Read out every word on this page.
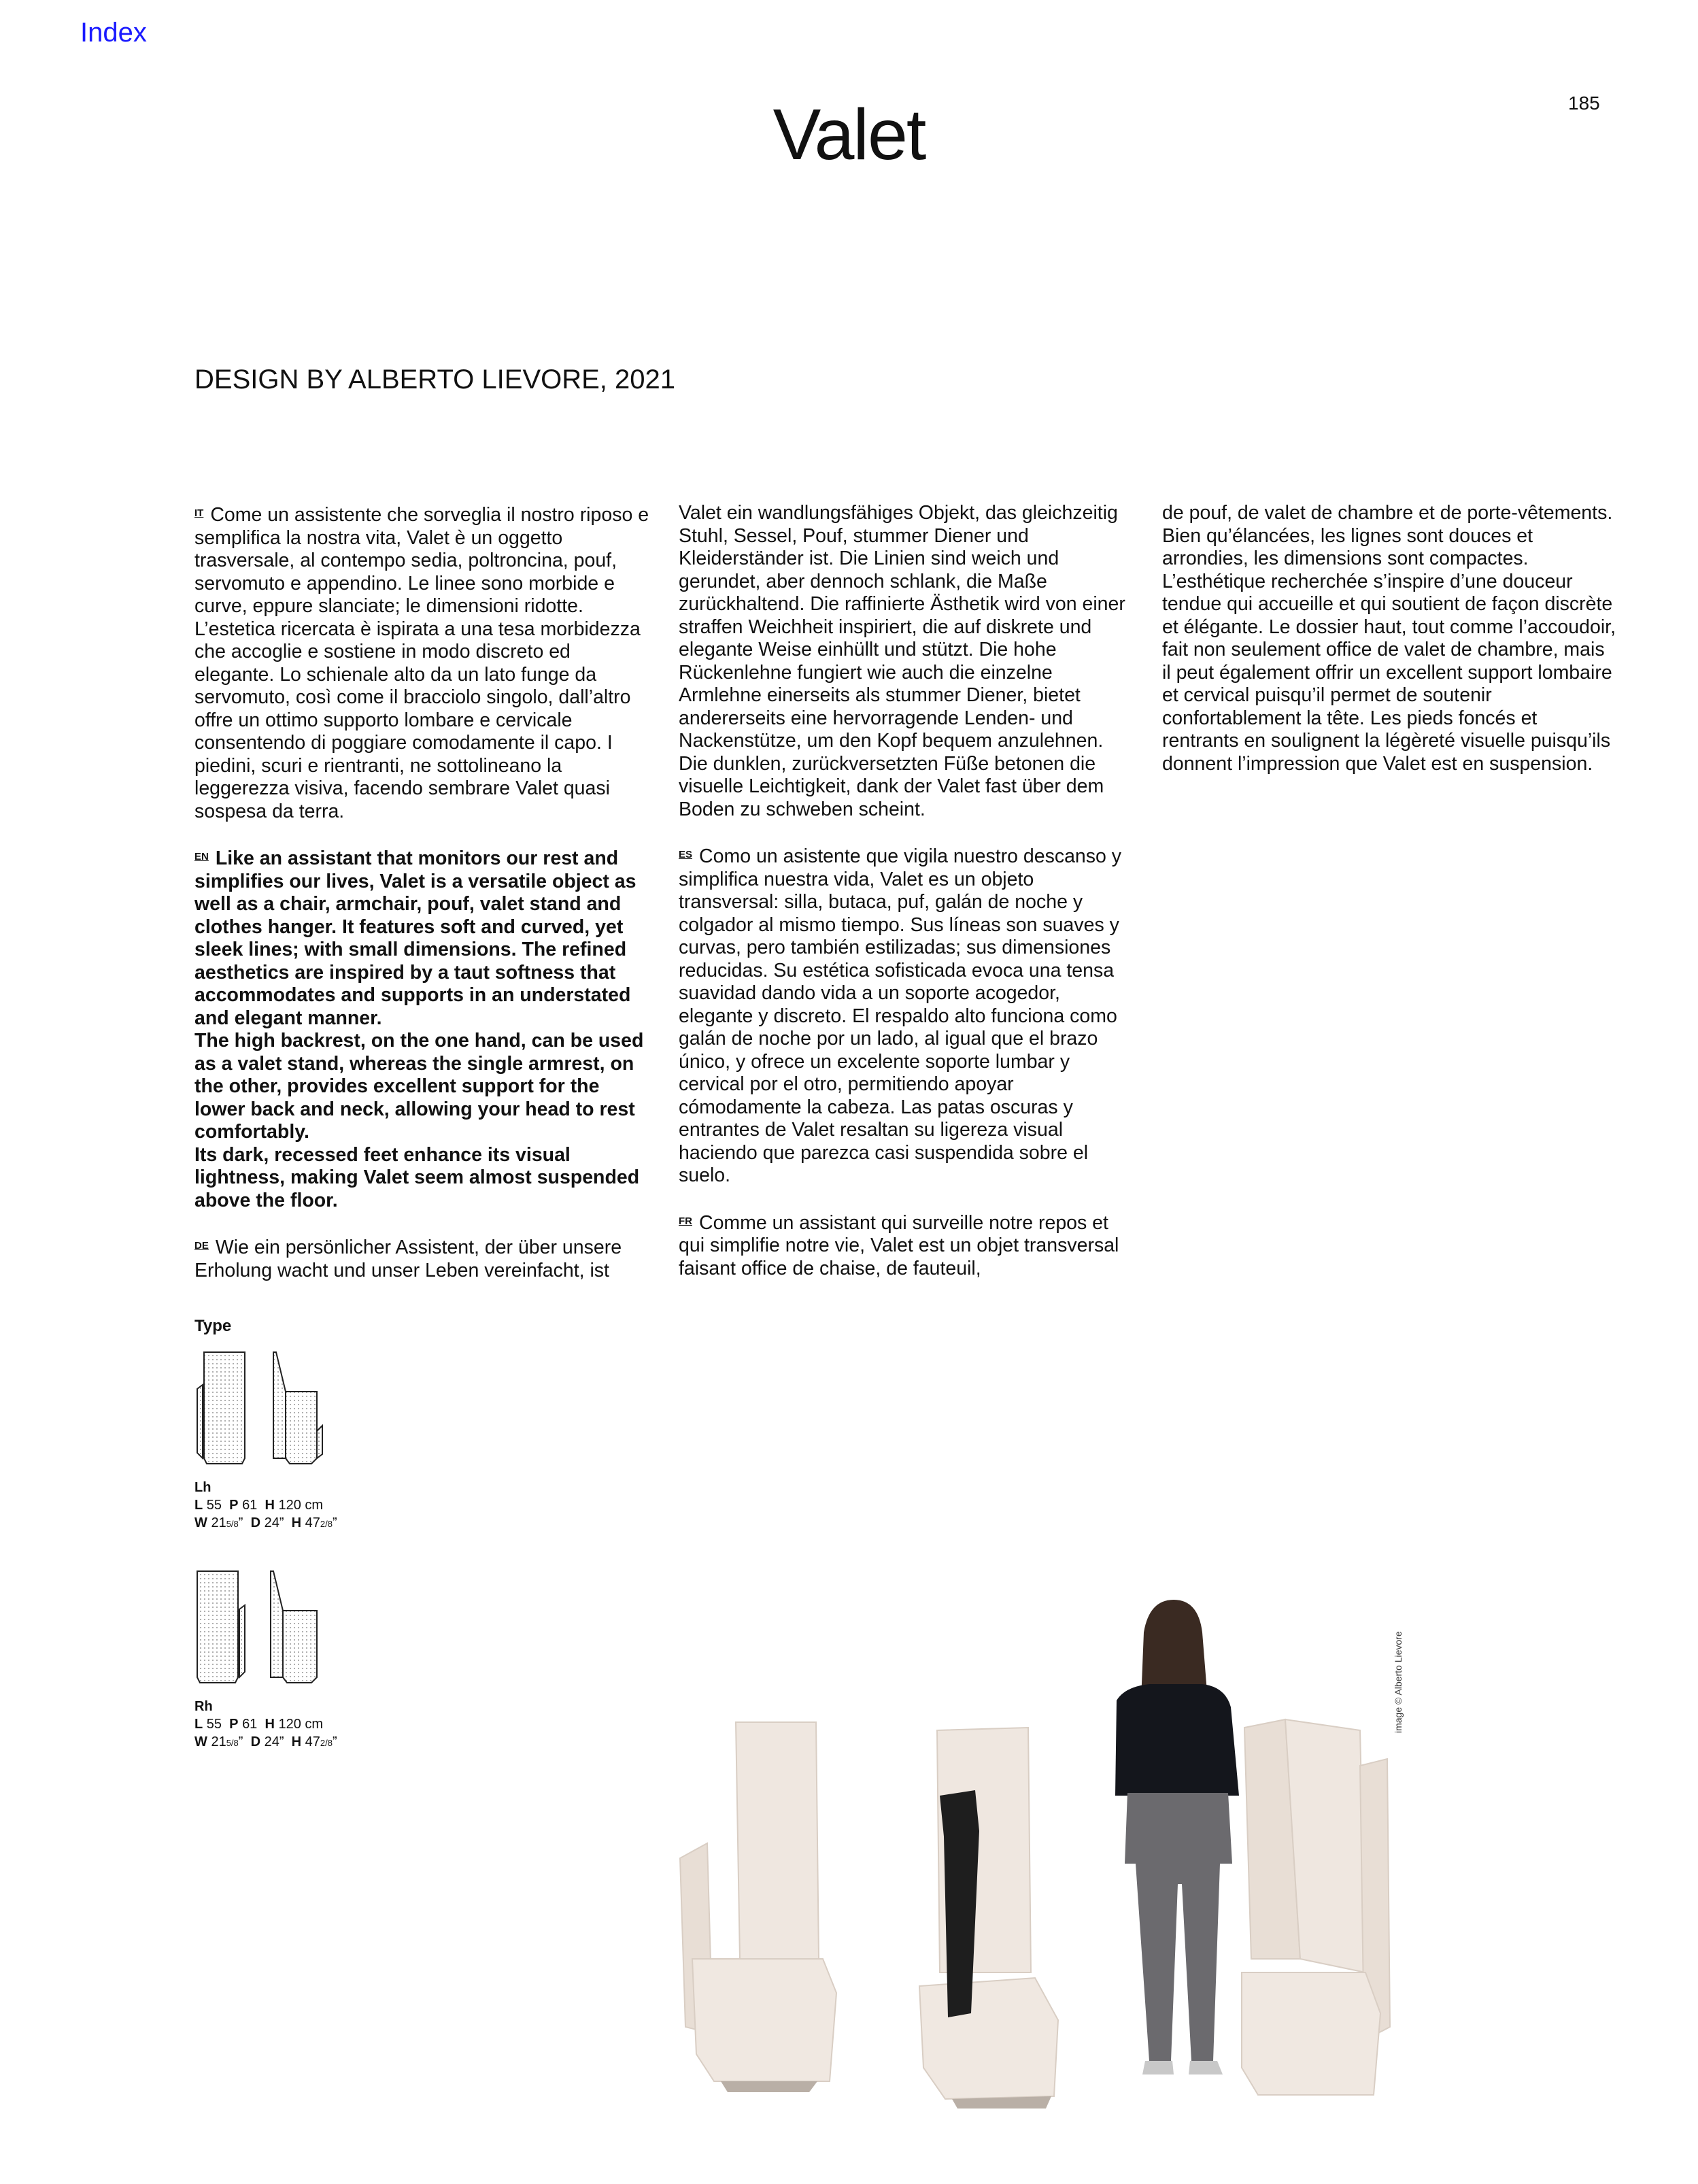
Index
185
Valet
DESIGN BY ALBERTO LIEVORE, 2021

$^{IT}$ Come un assistente che sorveglia il nostro riposo e semplifica la nostra vita, Valet è un oggetto trasversale, al contempo sedia, poltroncina, pouf, servomuto e appendino. Le linee sono morbide e curve, eppure slanciate; le dimensioni ridotte. L’estetica ricercata è ispirata a una tesa morbidezza che accoglie e sostiene in modo discreto ed elegante. Lo schienale alto da un lato funge da servomuto, così come il bracciolo singolo, dall’altro offre un ottimo supporto lombare e cervicale consentendo di poggiare comodamente il capo. I piedini, scuri e rientranti, ne sottolineano la leggerezza visiva, facendo sembrare Valet quasi sospesa da terra.

$^{EN}$ Like an assistant that monitors our rest and simplifies our lives, Valet is a versatile object as well as a chair, armchair, pouf, valet stand and clothes hanger. It features soft and curved, yet sleek lines; with small dimensions. The refined aesthetics are inspired by a taut softness that accommodates and supports in an understated and elegant manner.
The high backrest, on the one hand, can be used as a valet stand, whereas the single armrest, on the other, provides excellent support for the lower back and neck, allowing your head to rest comfortably.
Its dark, recessed feet enhance its visual lightness, making Valet seem almost suspended above the floor.

$^{DE}$ Wie ein persönlicher Assistent, der über unsere Erholung wacht und unser Leben vereinfacht, ist

Valet ein wandlungsfähiges Objekt, das gleichzeitig Stuhl, Sessel, Pouf, stummer Diener und Kleiderständer ist. Die Linien sind weich und gerundet, aber dennoch schlank, die Maße zurückhaltend. Die raffinierte Ästhetik wird von einer straffen Weichheit inspiriert, die auf diskrete und elegante Weise einhüllt und stützt. Die hohe Rückenlehne fungiert wie auch die einzelne Armlehne einerseits als stummer Diener, bietet andererseits eine hervorragende Lenden- und Nackenstütze, um den Kopf bequem anzulehnen. Die dunklen, zurückversetzten Füße betonen die visuelle Leichtigkeit, dank der Valet fast über dem Boden zu schweben scheint.

$^{ES}$ Como un asistente que vigila nuestro descanso y simplifica nuestra vida, Valet es un objeto transversal: silla, butaca, puf, galán de noche y colgador al mismo tiempo. Sus líneas son suaves y curvas, pero también estilizadas; sus dimensiones reducidas. Su estética sofisticada evoca una tensa suavidad dando vida a un soporte acogedor, elegante y discreto. El respaldo alto funciona como galán de noche por un lado, al igual que el brazo único, y ofrece un excelente soporte lumbar y cervical por el otro, permitiendo apoyar cómodamente la cabeza. Las patas oscuras y entrantes de Valet resaltan su ligereza visual haciendo que parezca casi suspendida sobre el suelo.

$^{FR}$ Comme un assistant qui surveille notre repos et qui simplifie notre vie, Valet est un objet transversal faisant office de chaise, de fauteuil,

de pouf, de valet de chambre et de porte-vêtements. Bien qu’élancées, les lignes sont douces et arrondies, les dimensions sont compactes. L’esthétique recherchée s’inspire d’une douceur tendue qui accueille et qui soutient de façon discrète et élégante. Le dossier haut, tout comme l’accoudoir, fait non seulement office de valet de chambre, mais il peut également offrir un excellent support lombaire et cervical puisqu’il permet de soutenir confortablement la tête. Les pieds foncés et rentrants en soulignent la légèreté visuelle puisqu’ils donnent l’impression que Valet est en suspension.

Type
Lh
L 55 P 61 H 120 cm
W 215/8” D 24” H 472/8”
Rh
L 55 P 61 H 120 cm
W 215/8” D 24” H 472/8”
image © Alberto Lievore
